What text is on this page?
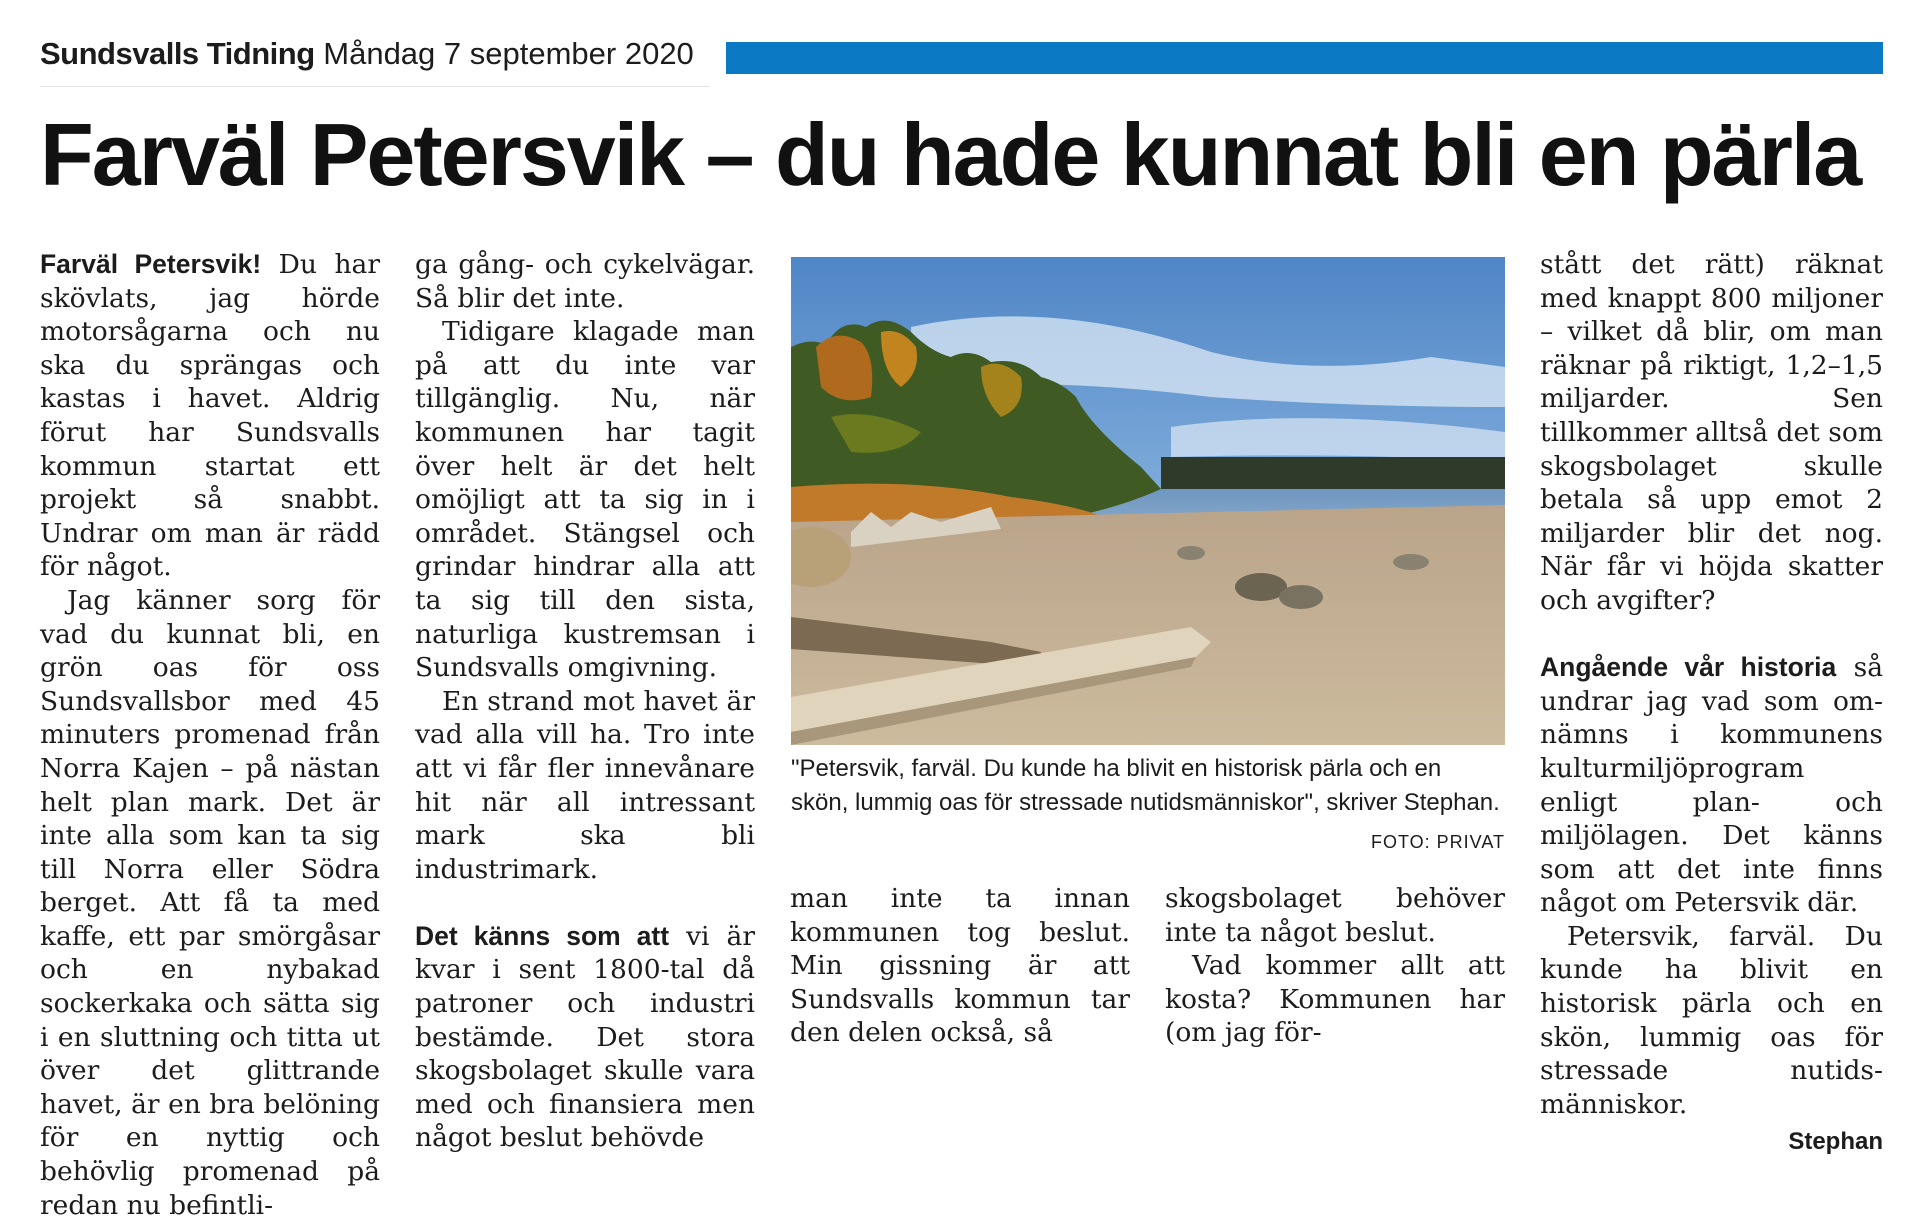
Sundsvalls Tidning Måndag 7 september 2020
Farväl Petersvik – du hade kunnat bli en pärla

Farväl Petersvik! Du har skövlats, jag hörde motorsågarna och nu ska du sprängas och kastas i havet. Aldrig förut har Sundsvalls kommun startat ett projekt så snabbt. Undrar om man är rädd för något.

Jag känner sorg för vad du kunnat bli, en grön oas för oss Sundsvallsbor med 45 minuters promenad från Norra Kajen – på nästan helt plan mark. Det är inte alla som kan ta sig till Norra eller Södra berget. Att få ta med kaffe, ett par smörgåsar och en nybakad sockerkaka och sätta sig i en sluttning och titta ut över det glittrande havet, är en bra belöning för en nyttig och behövlig promenad på redan nu befintli-

ga gång- och cykelvägar. Så blir det inte.

Tidigare klagade man på att du inte var tillgänglig. Nu, när kommunen har tagit över helt är det helt omöjligt att ta sig in i området. Stängsel och grindar hindrar alla att ta sig till den sista, naturliga kustremsan i Sundsvalls omgivning.

En strand mot havet är vad alla vill ha. Tro inte att vi får fler innevånare hit när all intressant mark ska bli industrimark.

Det känns som att vi är kvar i sent 1800-tal då patroner och industri bestämde. Det stora skogsbolaget skulle vara med och finansiera men något beslut behövde

"Petersvik, farväl. Du kunde ha blivit en historisk pärla och en skön, lummig oas för stressade nutidsmänniskor", skriver Stephan.
FOTO: PRIVAT

man inte ta innan kommunen tog beslut. Min gissning är att Sundsvalls kommun tar den delen också, så

skogsbolaget behöver inte ta något beslut.

Vad kommer allt att kosta? Kommunen har (om jag för-

stått det rätt) räknat med knappt 800 miljoner – vilket då blir, om man räknar på riktigt, 1,2–1,5 miljarder. Sen tillkommer alltså det som skogsbolaget skulle betala så upp emot 2 miljarder blir det nog. När får vi höjda skatter och avgifter?

Angående vår historia så undrar jag vad som omnämns i kommunens kulturmiljöprogram enligt plan- och miljölagen. Det känns som att det inte finns något om Petersvik där.

Petersvik, farväl. Du kunde ha blivit en historisk pärla och en skön, lummig oas för stressade nutidsmänniskor.

Stephan
